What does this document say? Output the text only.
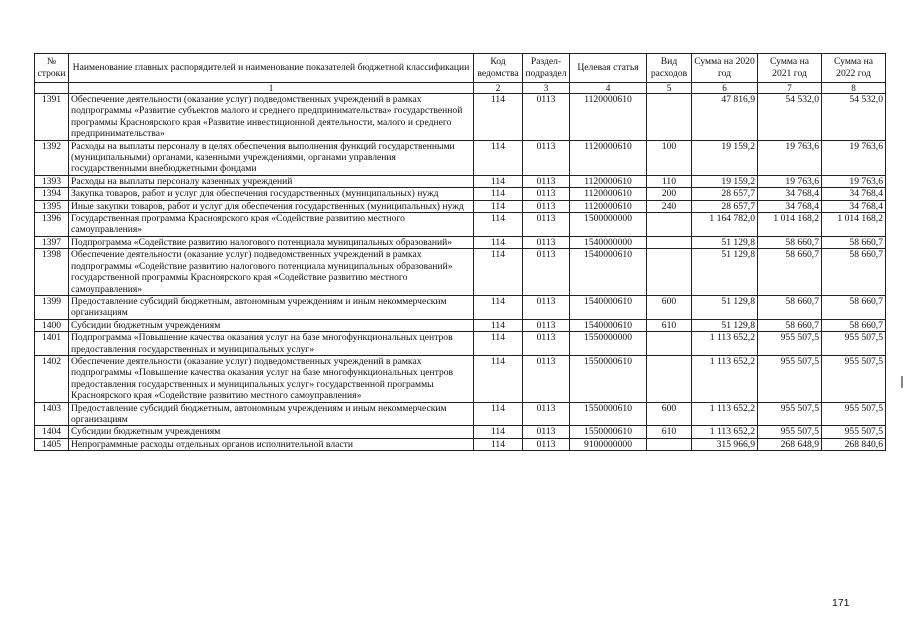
№ строки	Наименование главных распорядителей и наименование показателей бюджетной классификации	Код ведомства	Раздел-подраздел	Целевая статья	Вид расходов	Сумма на 2020 год	Сумма на 2021 год	Сумма на 2022 год
	1	2	3	4	5	6	7	8
1391	Обеспечение деятельности (оказание услуг) подведомственных учреждений в рамках подпрограммы «Развитие субъектов малого и среднего предпринимательства» государственной программы Красноярского края «Развитие инвестиционной деятельности, малого и среднего предпринимательства»	114	0113	1120000610		47 816,9	54 532,0	54 532,0
1392	Расходы на выплаты персоналу в целях обеспечения выполнения функций государственными (муниципальными) органами, казенными учреждениями, органами управления государственными внебюджетными фондами	114	0113	1120000610	100	19 159,2	19 763,6	19 763,6
1393	Расходы на выплаты персоналу казенных учреждений	114	0113	1120000610	110	19 159,2	19 763,6	19 763,6
1394	Закупка товаров, работ и услуг для обеспечения государственных (муниципальных) нужд	114	0113	1120000610	200	28 657,7	34 768,4	34 768,4
1395	Иные закупки товаров, работ и услуг для обеспечения государственных (муниципальных) нужд	114	0113	1120000610	240	28 657,7	34 768,4	34 768,4
1396	Государственная программа Красноярского края «Содействие развитию местного самоуправления»	114	0113	1500000000		1 164 782,0	1 014 168,2	1 014 168,2
1397	Подпрограмма «Содействие развитию налогового потенциала муниципальных образований»	114	0113	1540000000		51 129,8	58 660,7	58 660,7
1398	Обеспечение деятельности (оказание услуг) подведомственных учреждений в рамках подпрограммы «Содействие развитию налогового потенциала муниципальных образований» государственной программы Красноярского края «Содействие развитию местного самоуправления»	114	0113	1540000610		51 129,8	58 660,7	58 660,7
1399	Предоставление субсидий бюджетным, автономным учреждениям и иным некоммерческим организациям	114	0113	1540000610	600	51 129,8	58 660,7	58 660,7
1400	Субсидии бюджетным учреждениям	114	0113	1540000610	610	51 129,8	58 660,7	58 660,7
1401	Подпрограмма «Повышение качества оказания услуг на базе многофункциональных центров предоставления государственных и муниципальных услуг»	114	0113	1550000000		1 113 652,2	955 507,5	955 507,5
1402	Обеспечение деятельности (оказание услуг) подведомственных учреждений в рамках подпрограммы «Повышение качества оказания услуг на базе многофункциональных центров предоставления государственных и муниципальных услуг» государственной программы Красноярского края «Содействие развитию местного самоуправления»	114	0113	1550000610		1 113 652,2	955 507,5	955 507,5
1403	Предоставление субсидий бюджетным, автономным учреждениям и иным некоммерческим организациям	114	0113	1550000610	600	1 113 652,2	955 507,5	955 507,5
1404	Субсидии бюджетным учреждениям	114	0113	1550000610	610	1 113 652,2	955 507,5	955 507,5
1405	Непрограммные расходы отдельных органов исполнительной власти	114	0113	9100000000		315 966,9	268 648,9	268 840,6
171
